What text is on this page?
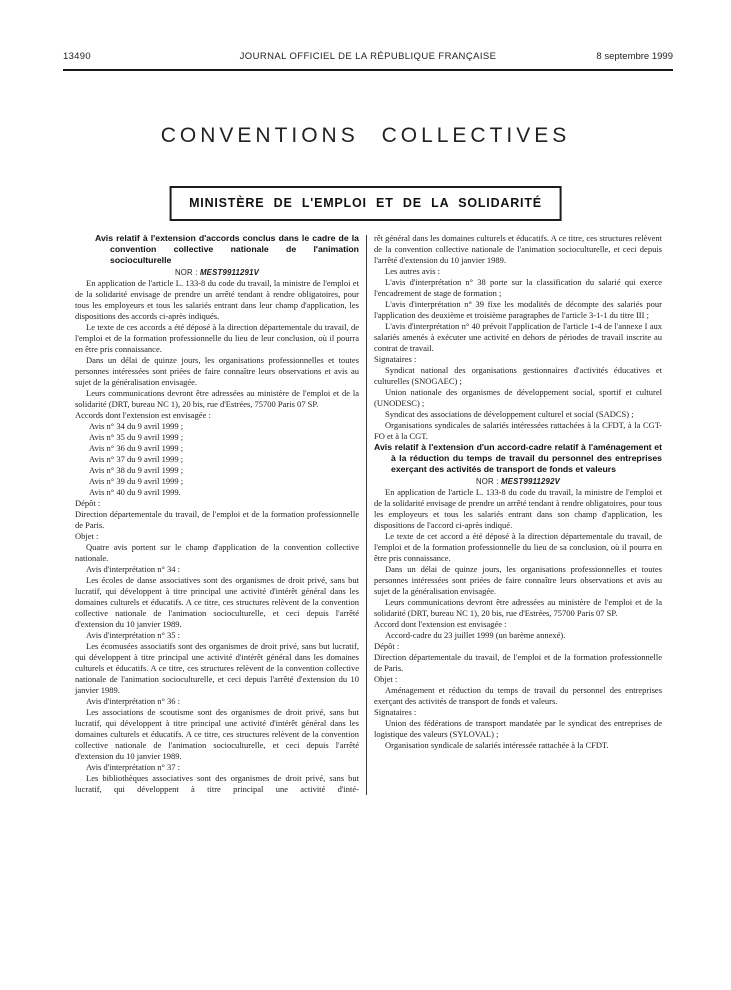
13490	JOURNAL OFFICIEL DE LA RÉPUBLIQUE FRANÇAISE	8 septembre 1999
CONVENTIONS COLLECTIVES
MINISTÈRE DE L'EMPLOI ET DE LA SOLIDARITÉ

Avis relatif à l'extension d'accords conclus dans le cadre de la convention collective nationale de l'animation socioculturelle

NOR : MEST9911291V

En application de l'article L. 133-8 du code du travail, la ministre de l'emploi et de la solidarité envisage de prendre un arrêté tendant à rendre obligatoires, pour tous les employeurs et tous les salariés entrant dans leur champ d'application, les dispositions des accords ci-après indiqués.

Le texte de ces accords a été déposé à la direction départementale du travail, de l'emploi et de la formation professionnelle du lieu de leur conclusion, où il pourra en être pris connaissance.

Dans un délai de quinze jours, les organisations professionnelles et toutes personnes intéressées sont priées de faire connaître leurs observations et avis au sujet de la généralisation envisagée.

Leurs communications devront être adressées au ministère de l'emploi et de la solidarité (DRT, bureau NC 1), 20 bis, rue d'Estrées, 75700 Paris 07 SP.

Accords dont l'extension est envisagée :

Avis n° 34 du 9 avril 1999 ;

Avis n° 35 du 9 avril 1999 ;

Avis n° 36 du 9 avril 1999 ;

Avis n° 37 du 9 avril 1999 ;

Avis n° 38 du 9 avril 1999 ;

Avis n° 39 du 9 avril 1999 ;

Avis n° 40 du 9 avril 1999.

Dépôt :

Direction départementale du travail, de l'emploi et de la formation professionnelle de Paris.

Objet :

Quatre avis portent sur le champ d'application de la convention collective nationale.

Avis d'interprétation n° 34 :

Les écoles de danse associatives sont des organismes de droit privé, sans but lucratif, qui développent à titre principal une activité d'intérêt général dans les domaines culturels et éducatifs. A ce titre, ces structures relèvent de la convention collective nationale de l'animation socioculturelle, et ceci depuis l'arrêté d'extension du 10 janvier 1989.

Avis d'interprétation n° 35 :

Les écomusées associatifs sont des organismes de droit privé, sans but lucratif, qui développent à titre principal une activité d'intérêt général dans les domaines culturels et éducatifs. A ce titre, ces structures relèvent de la convention collective nationale de l'animation socioculturelle, et ceci depuis l'arrêté d'extension du 10 janvier 1989.

Avis d'interprétation n° 36 :

Les associations de scoutisme sont des organismes de droit privé, sans but lucratif, qui développent à titre principal une activité d'intérêt général dans les domaines culturels et éducatifs. A ce titre, ces structures relèvent de la convention collective nationale de l'animation socioculturelle, et ceci depuis l'arrêté d'extension du 10 janvier 1989.

Avis d'interprétation n° 37 :

Les bibliothèques associatives sont des organismes de droit privé, sans but lucratif, qui développent à titre principal une activité d'inté-

rêt général dans les domaines culturels et éducatifs. A ce titre, ces structures relèvent de la convention collective nationale de l'animation socioculturelle, et ceci depuis l'arrêté d'extension du 10 janvier 1989.

Les autres avis :

L'avis d'interprétation n° 38 porte sur la classification du salarié qui exerce l'encadrement de stage de formation ;

L'avis d'interprétation n° 39 fixe les modalités de décompte des salariés pour l'application des deuxième et troisième paragraphes de l'article 3-1-1 du titre III ;

L'avis d'interprétation n° 40 prévoit l'application de l'article 1-4 de l'annexe I aux salariés amenés à exécuter une activité en dehors de périodes de travail inscrite au contrat de travail.

Signataires :

Syndicat national des organisations gestionnaires d'activités éducatives et culturelles (SNOGAEC) ;

Union nationale des organismes de développement social, sportif et culturel (UNODESC) ;

Syndicat des associations de développement culturel et social (SADCS) ;

Organisations syndicales de salariés intéressées rattachées à la CFDT, à la CGT-FO et à la CGT.

Avis relatif à l'extension d'un accord-cadre relatif à l'aménagement et à la réduction du temps de travail du personnel des entreprises exerçant des activités de transport de fonds et valeurs

NOR : MEST9911292V

En application de l'article L. 133-8 du code du travail, la ministre de l'emploi et de la solidarité envisage de prendre un arrêté tendant à rendre obligatoires, pour tous les employeurs et tous les salariés entrant dans son champ d'application, les dispositions de l'accord ci-après indiqué.

Le texte de cet accord a été déposé à la direction départementale du travail, de l'emploi et de la formation professionnelle du lieu de sa conclusion, où il pourra en être pris connaissance.

Dans un délai de quinze jours, les organisations professionnelles et toutes personnes intéressées sont priées de faire connaître leurs observations et avis au sujet de la généralisation envisagée.

Leurs communications devront être adressées au ministère de l'emploi et de la solidarité (DRT, bureau NC 1), 20 bis, rue d'Estrées, 75700 Paris 07 SP.

Accord dont l'extension est envisagée :

Accord-cadre du 23 juillet 1999 (un barème annexé).

Dépôt :

Direction départementale du travail, de l'emploi et de la formation professionnelle de Paris.

Objet :

Aménagement et réduction du temps de travail du personnel des entreprises exerçant des activités de transport de fonds et valeurs.

Signataires :

Union des fédérations de transport mandatée par le syndicat des entreprises de logistique des valeurs (SYLOVAL) ;

Organisation syndicale de salariés intéressée rattachée à la CFDT.
